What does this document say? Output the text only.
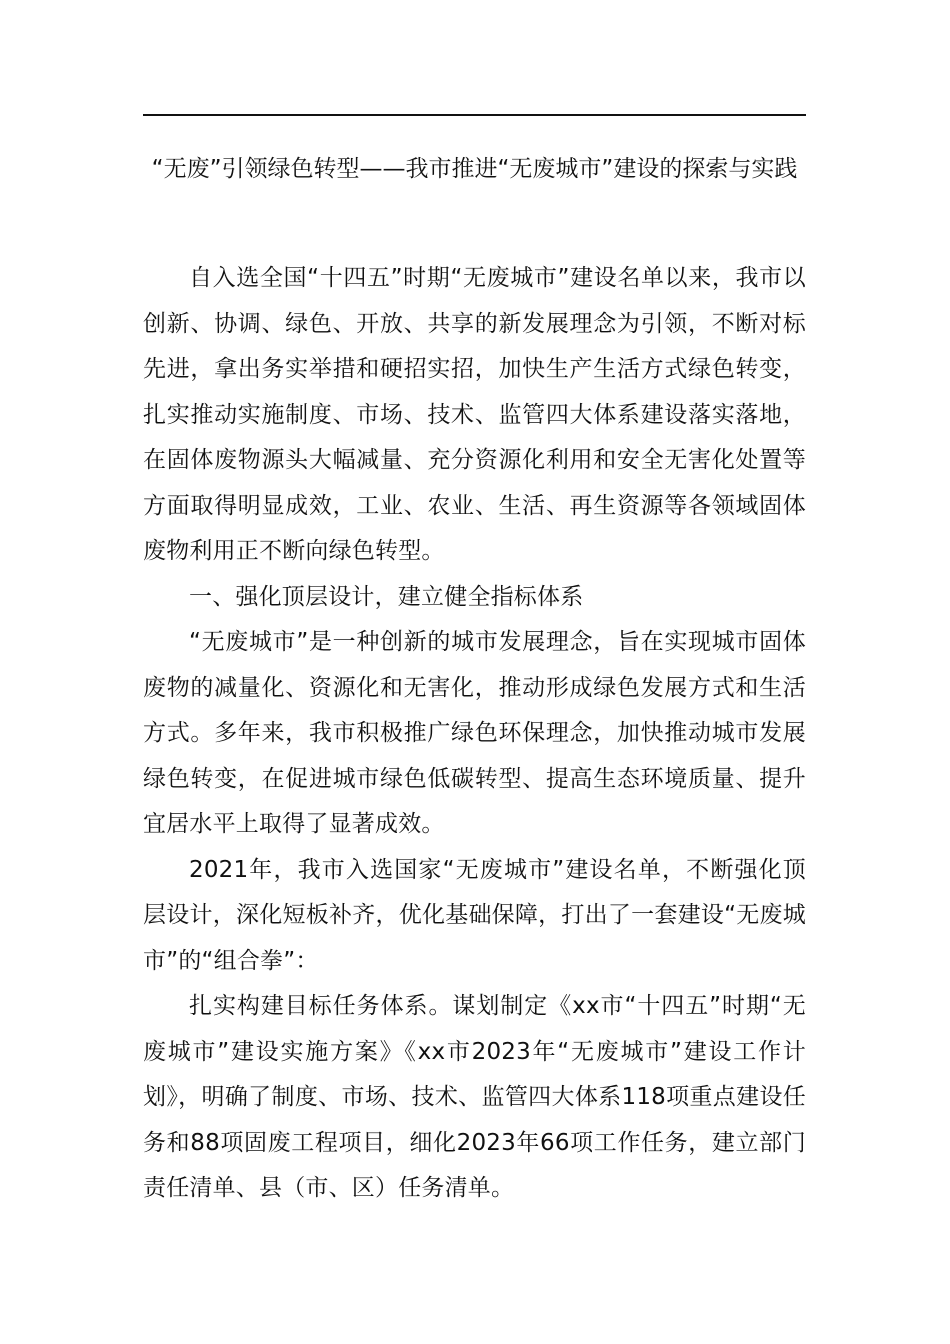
“无废”引领绿色转型——我市推进“无废城市”建设的探索与实践

自入选全国“十四五”时期“无废城市”建设名单以来，我市以创新、协调、绿色、开放、共享的新发展理念为引领，不断对标先进，拿出务实举措和硬招实招，加快生产生活方式绿色转变，扎实推动实施制度、市场、技术、监管四大体系建设落实落地，在固体废物源头大幅减量、充分资源化利用和安全无害化处置等方面取得明显成效，工业、农业、生活、再生资源等各领域固体废物利用正不断向绿色转型。

一、强化顶层设计，建立健全指标体系

“无废城市”是一种创新的城市发展理念，旨在实现城市固体废物的减量化、资源化和无害化，推动形成绿色发展方式和生活方式。多年来，我市积极推广绿色环保理念，加快推动城市发展绿色转变，在促进城市绿色低碳转型、提高生态环境质量、提升宜居水平上取得了显著成效。

2021年，我市入选国家“无废城市”建设名单，不断强化顶层设计，深化短板补齐，优化基础保障，打出了一套建设“无废城市”的“组合拳”：

扎实构建目标任务体系。谋划制定《xx市“十四五”时期“无废城市”建设实施方案》《xx市2023年“无废城市”建设工作计划》，明确了制度、市场、技术、监管四大体系118项重点建设任务和88项固废工程项目，细化2023年66项工作任务，建立部门责任清单、县（市、区）任务清单。
